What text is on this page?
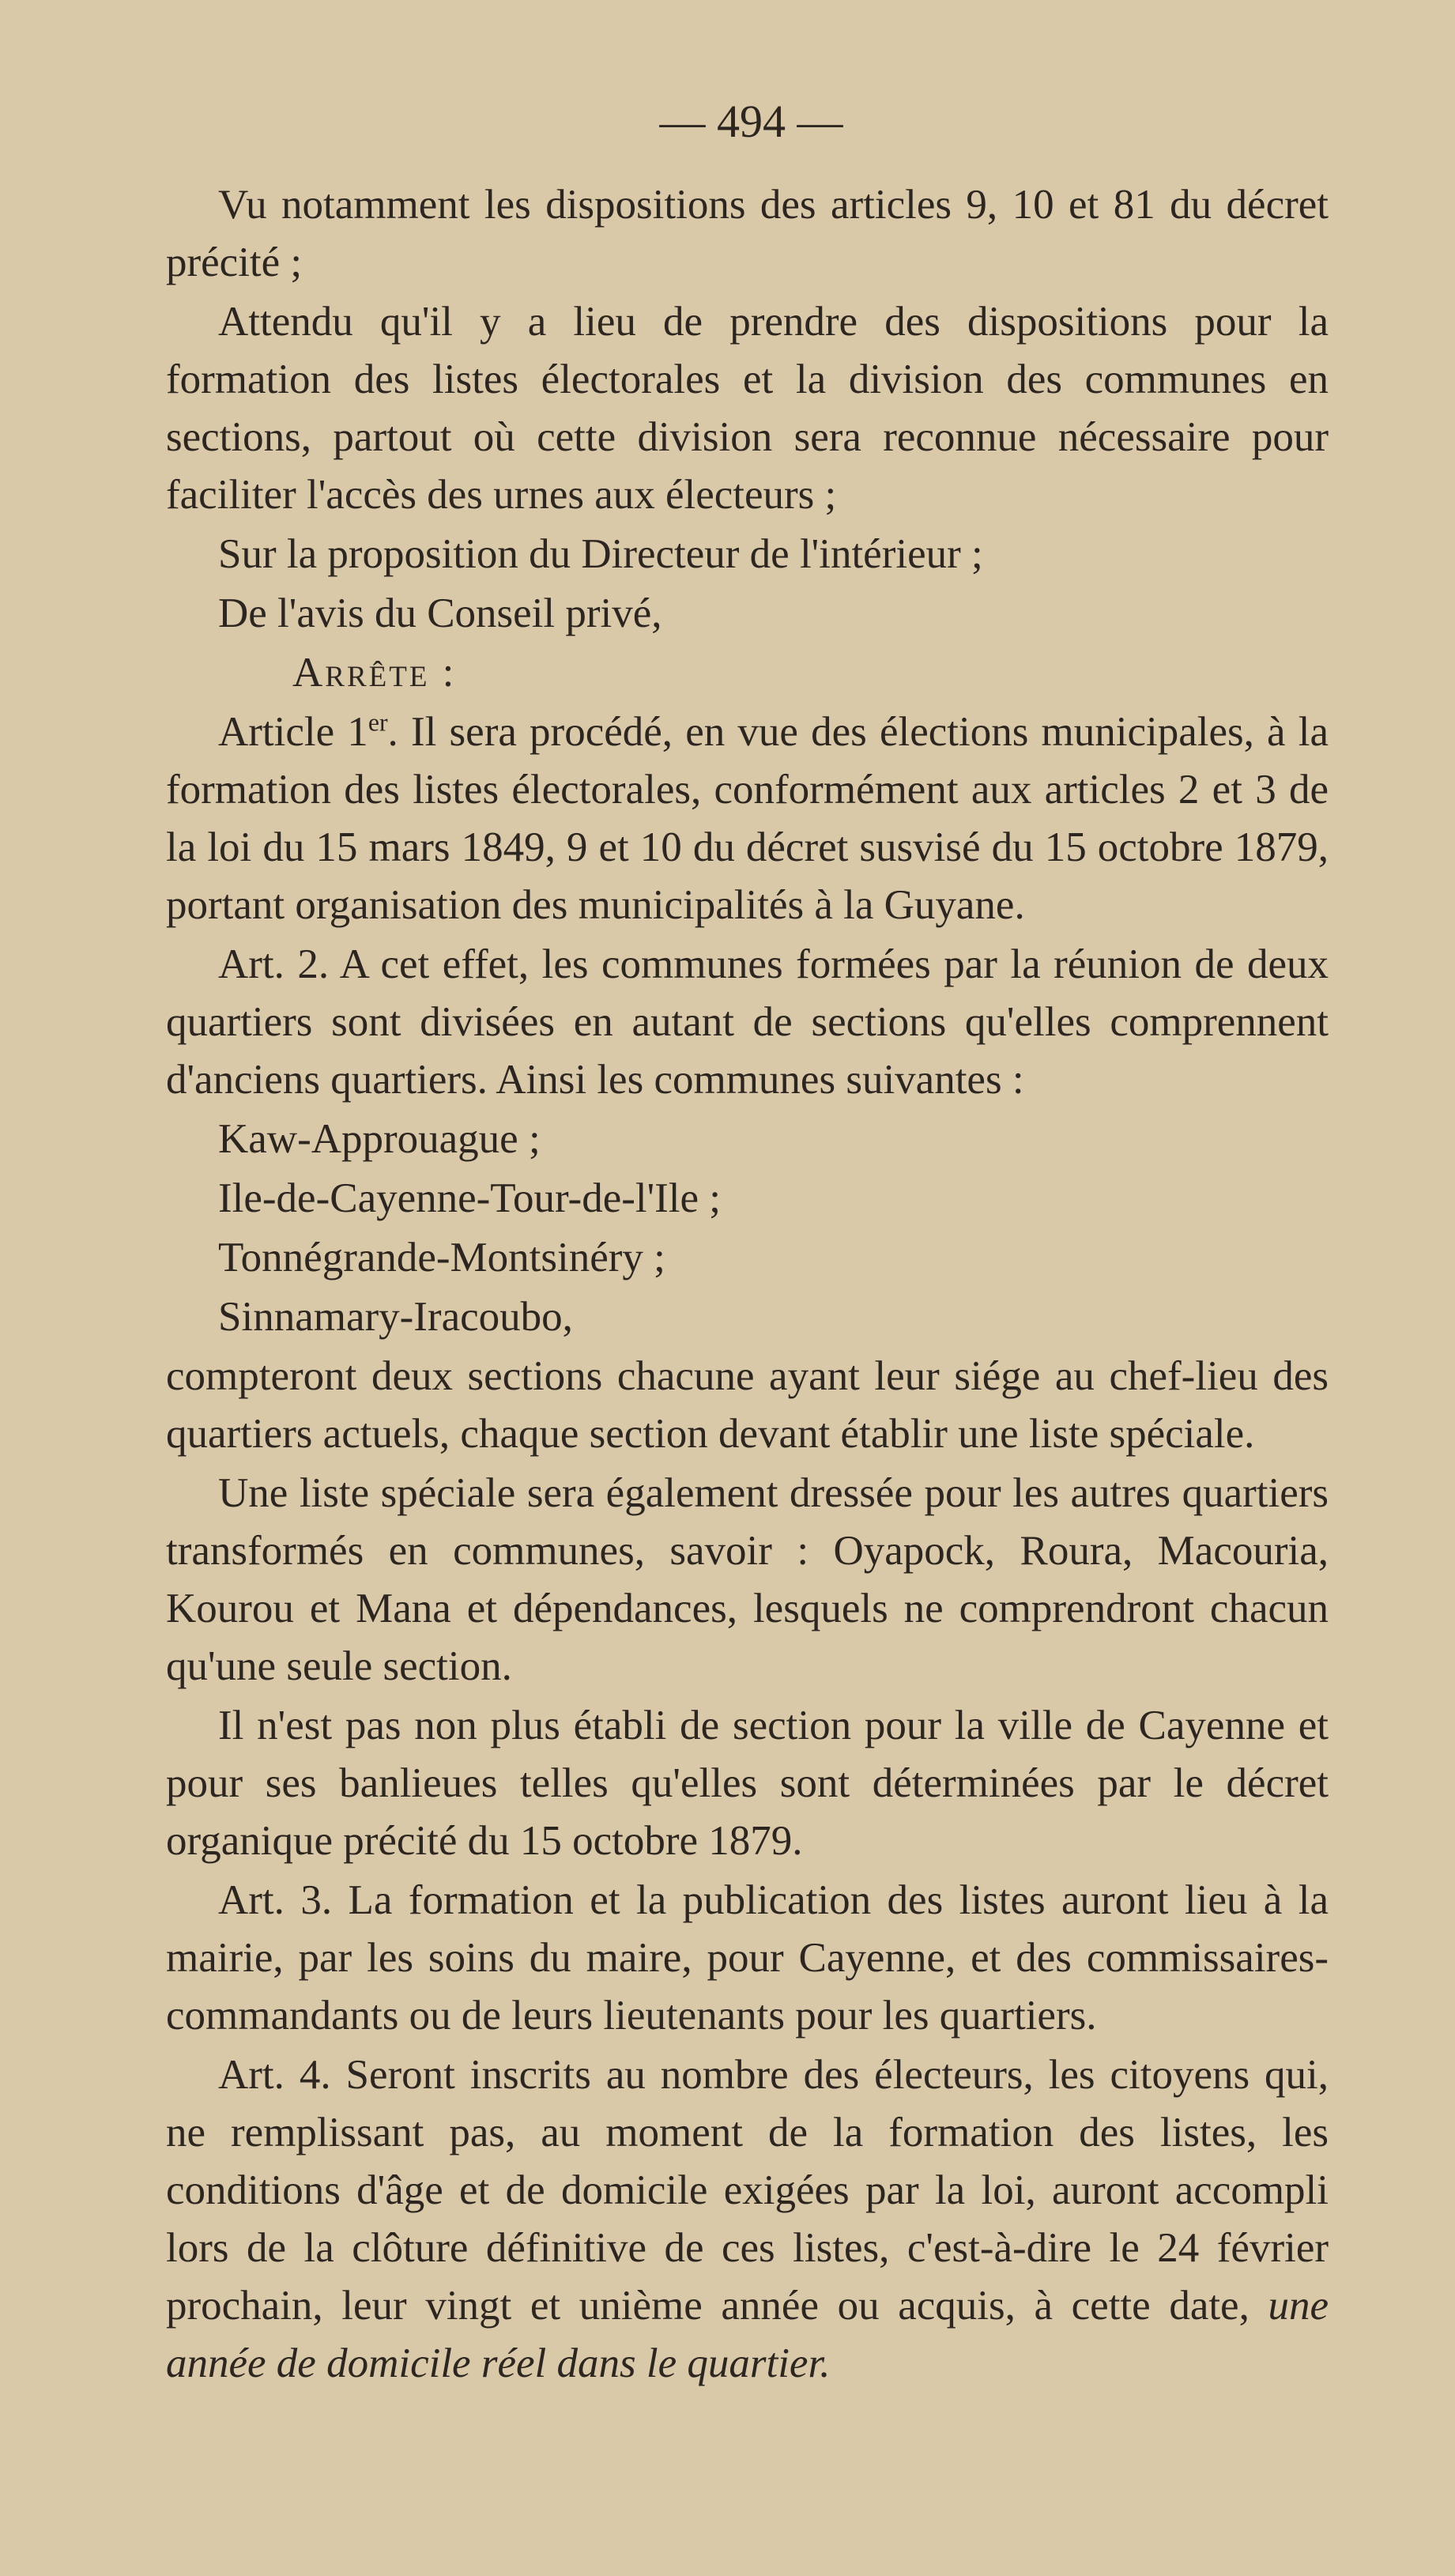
— 494 —

Vu notamment les dispositions des articles 9, 10 et 81 du décret précité ;

Attendu qu'il y a lieu de prendre des dispositions pour la formation des listes électorales et la division des communes en sections, partout où cette division sera reconnue nécessaire pour faciliter l'accès des urnes aux électeurs ;

Sur la proposition du Directeur de l'intérieur ;

De l'avis du Conseil privé,

Arrête :

Article 1er. Il sera procédé, en vue des élections municipales, à la formation des listes électorales, conformément aux articles 2 et 3 de la loi du 15 mars 1849, 9 et 10 du décret susvisé du 15 octobre 1879, portant organisation des municipalités à la Guyane.

Art. 2. A cet effet, les communes formées par la réunion de deux quartiers sont divisées en autant de sections qu'elles comprennent d'anciens quartiers. Ainsi les communes suivantes :

Kaw-Approuague ;

Ile-de-Cayenne-Tour-de-l'Ile ;

Tonnégrande-Montsinéry ;

Sinnamary-Iracoubo,

compteront deux sections chacune ayant leur siége au chef-lieu des quartiers actuels, chaque section devant établir une liste spéciale.

Une liste spéciale sera également dressée pour les autres quartiers transformés en communes, savoir : Oyapock, Roura, Macouria, Kourou et Mana et dépendances, lesquels ne comprendront chacun qu'une seule section.

Il n'est pas non plus établi de section pour la ville de Cayenne et pour ses banlieues telles qu'elles sont déterminées par le décret organique précité du 15 octobre 1879.

Art. 3. La formation et la publication des listes auront lieu à la mairie, par les soins du maire, pour Cayenne, et des commissaires-commandants ou de leurs lieutenants pour les quartiers.

Art. 4. Seront inscrits au nombre des électeurs, les citoyens qui, ne remplissant pas, au moment de la formation des listes, les conditions d'âge et de domicile exigées par la loi, auront accompli lors de la clôture définitive de ces listes, c'est-à-dire le 24 février prochain, leur vingt et unième année ou acquis, à cette date, une année de domicile réel dans le quartier.
